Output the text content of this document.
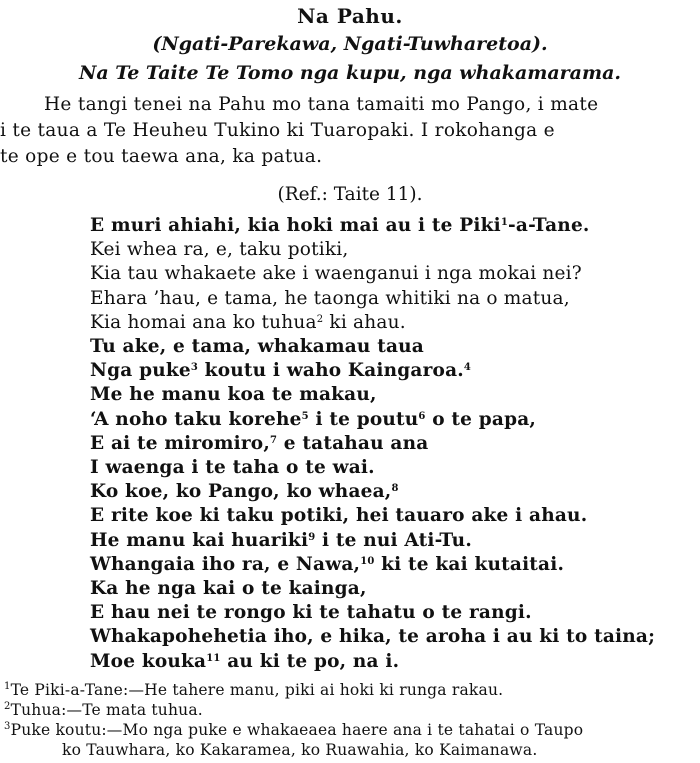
Na Pahu.
(Ngati-Parekawa, Ngati-Tuwharetoa).
Na Te Taite Te Tomo nga kupu, nga whakamarama.
He tangi tenei na Pahu mo tana tamaiti mo Pango, i mate
i te taua a Te Heuheu Tukino ki Tuaropaki. I rokohanga e
te ope e tou taewa ana, ka patua.
(Ref.: Taite 11).
E muri ahiahi, kia hoki mai au i te Piki$^1$-a-Tane.
Kei whea ra, e, taku potiki,
Kia tau whakaete ake i waenganui i nga mokai nei?
Ehara ’hau, e tama, he taonga whitiki na o matua,
Kia homai ana ko tuhua$^2$ ki ahau.
Tu ake, e tama, whakamau taua
Nga puke$^3$ koutu i waho Kaingaroa.$^4$
Me he manu koa te makau,
‘A noho taku korehe$^5$ i te poutu$^6$ o te papa,
E ai te miromiro,$^7$ e tatahau ana
I waenga i te taha o te wai.
Ko koe, ko Pango, ko whaea,$^8$
E rite koe ki taku potiki, hei tauaro ake i ahau.
He manu kai huariki$^9$ i te nui Ati-Tu.
Whangaia iho ra, e Nawa,$^{10}$ ki te kai kutaitai.
Ka he nga kai o te kainga,
E hau nei te rongo ki te tahatu o te rangi.
Whakapohehetia iho, e hika, te aroha i au ki to taina;
Moe kouka$^{11}$ au ki te po, na i.
$^1$Te Piki-a-Tane:—He tahere manu, piki ai hoki ki runga rakau.
$^2$Tuhua:—Te mata tuhua.
$^3$Puke koutu:—Mo nga puke e whakaeaea haere ana i te tahatai o Taupo
ko Tauwhara, ko Kakaramea, ko Ruawahia, ko Kaimanawa.
